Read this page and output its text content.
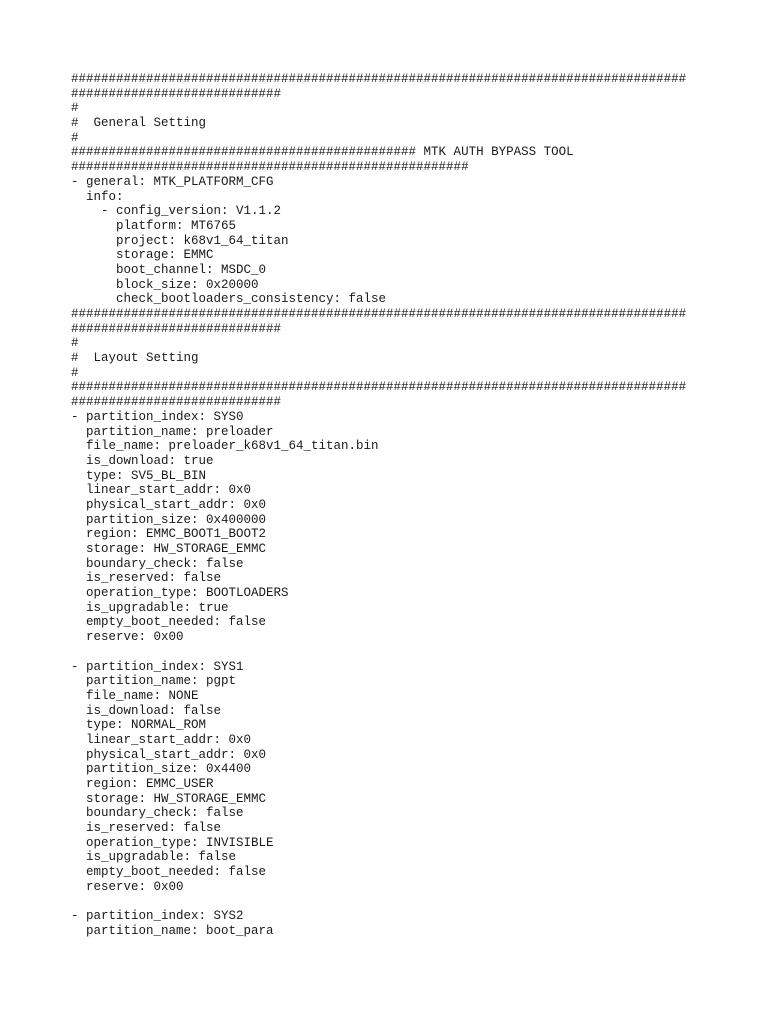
##################################################################################
############################
#
#  General Setting
#
############################################## MTK AUTH BYPASS TOOL
#####################################################
- general: MTK_PLATFORM_CFG
info:
- config_version: V1.1.2
platform: MT6765
project: k68v1_64_titan
storage: EMMC
boot_channel: MSDC_0
block_size: 0x20000
check_bootloaders_consistency: false
##################################################################################
############################
#
#  Layout Setting
#
##################################################################################
############################
- partition_index: SYS0
partition_name: preloader
file_name: preloader_k68v1_64_titan.bin
is_download: true
type: SV5_BL_BIN
linear_start_addr: 0x0
physical_start_addr: 0x0
partition_size: 0x400000
region: EMMC_BOOT1_BOOT2
storage: HW_STORAGE_EMMC
boundary_check: false
is_reserved: false
operation_type: BOOTLOADERS
is_upgradable: true
empty_boot_needed: false
reserve: 0x00

- partition_index: SYS1
partition_name: pgpt
file_name: NONE
is_download: false
type: NORMAL_ROM
linear_start_addr: 0x0
physical_start_addr: 0x0
partition_size: 0x4400
region: EMMC_USER
storage: HW_STORAGE_EMMC
boundary_check: false
is_reserved: false
operation_type: INVISIBLE
is_upgradable: false
empty_boot_needed: false
reserve: 0x00

- partition_index: SYS2
partition_name: boot_para
